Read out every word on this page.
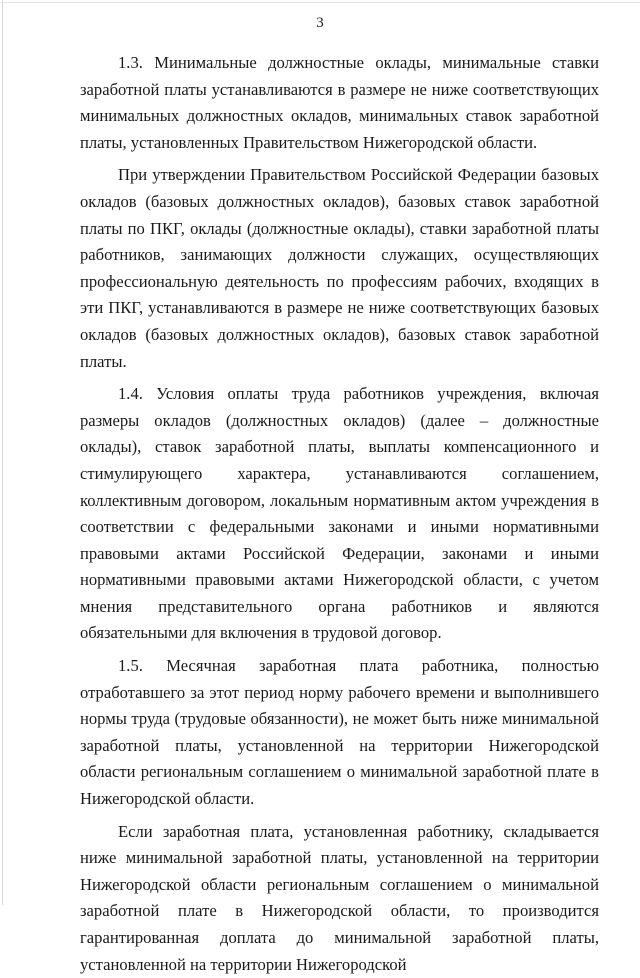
3

1.3. Минимальные должностные оклады, минимальные ставки заработной платы устанавливаются в размере не ниже соответствующих минимальных должностных окладов, минимальных ставок заработной платы, установленных Правительством Нижегородской области.

При утверждении Правительством Российской Федерации базовых окладов (базовых должностных окладов), базовых ставок заработной платы по ПКГ, оклады (должностные оклады), ставки заработной платы работников, занимающих должности служащих, осуществляющих профессиональную деятельность по профессиям рабочих, входящих в эти ПКГ, устанавливаются в размере не ниже соответствующих базовых окладов (базовых должностных окладов), базовых ставок заработной платы.

1.4. Условия оплаты труда работников учреждения, включая размеры окладов (должностных окладов) (далее – должностные оклады), ставок заработной платы, выплаты компенсационного и стимулирующего характера, устанавливаются соглашением, коллективным договором, локальным нормативным актом учреждения в соответствии с федеральными законами и иными нормативными правовыми актами Российской Федерации, законами и иными нормативными правовыми актами Нижегородской области, с учетом мнения представительного органа работников и являются обязательными для включения в трудовой договор.

1.5. Месячная заработная плата работника, полностью отработавшего за этот период норму рабочего времени и выполнившего нормы труда (трудовые обязанности), не может быть ниже минимальной заработной платы, установленной на территории Нижегородской области региональным соглашением о минимальной заработной плате в Нижегородской области.

Если заработная плата, установленная работнику, складывается ниже минимальной заработной платы, установленной на территории Нижегородской области региональным соглашением о минимальной заработной плате в Нижегородской области, то производится гарантированная доплата до минимальной заработной платы, установленной на территории Нижегородской
